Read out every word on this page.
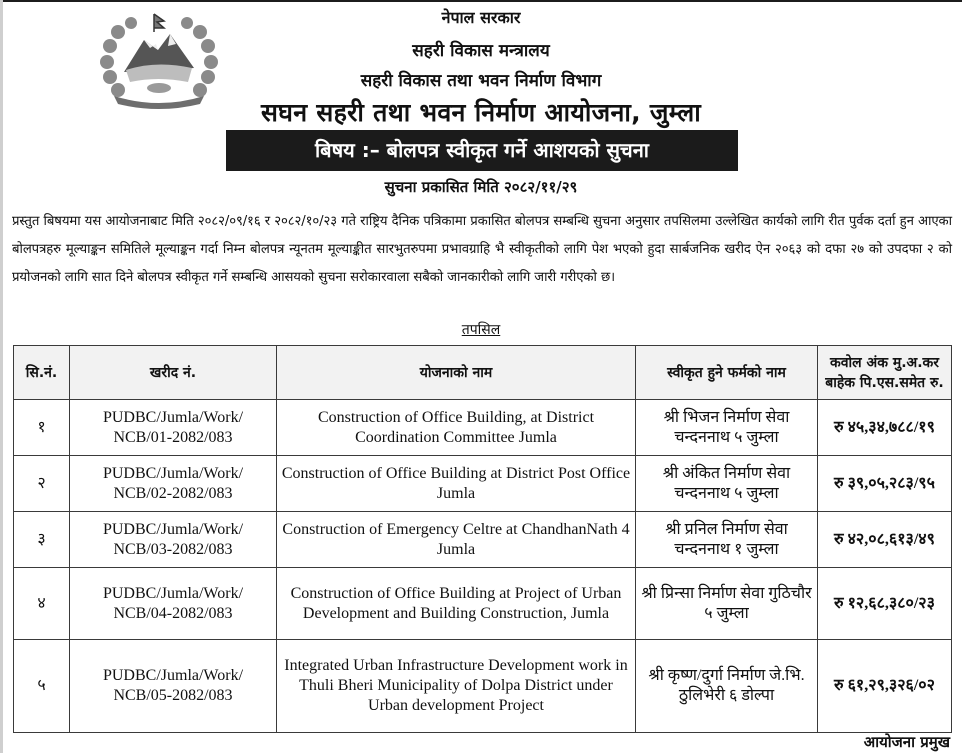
नेपाल सरकार
सहरी विकास मन्त्रालय
सहरी विकास तथा भवन निर्माण विभाग
सघन सहरी तथा भवन निर्माण आयोजना, जुम्ला
बिषय :– बोलपत्र स्वीकृत गर्ने आशयको सुचना
सुचना प्रकासित मिति २०८२/११/२९
प्रस्तुत बिषयमा यस आयोजनाबाट मिति २०८२/०९/१६ र २०८२/१०/२३ गते राष्ट्रिय दैनिक पत्रिकामा प्रकासित बोलपत्र सम्बन्धि सुचना अनुसार तपसिलमा उल्लेखित कार्यको लागि रीत पुर्वक दर्ता हुन आएका बोलपत्रहरु मूल्याङ्कन समितिले मूल्याङ्कन गर्दा निम्न बोलपत्र न्यूनतम मूल्याङ्कीत सारभुतरुपमा प्रभावग्राहि भै स्वीकृतीको लागि पेश भएको हुदा सार्बजनिक खरीद ऐन २०६३ को दफा २७ को उपदफा २ को प्रयोजनको लागि सात दिने बोलपत्र स्वीकृत गर्ने सम्बन्धि आसयको सुचना सरोकारवाला सबैको जानकारीको लागि जारी गरीएको छ।
तपसिल
सि.नं.	खरीद नं.	योजनाको नाम	स्वीकृत हुने फर्मको नाम	कवोल अंक मु.अ.कर बाहेक पि.एस.समेत रु.
१	PUDBC/Jumla/Work/ NCB/01-2082/083	Construction of Office Building, at District Coordination Committee Jumla	श्री भिजन निर्माण सेवा चन्दननाथ ५ जुम्ला	रु ४५,३४,७८८/१९
२	PUDBC/Jumla/Work/ NCB/02-2082/083	Construction of Office Building at District Post Office Jumla	श्री अंकित निर्माण सेवा चन्दननाथ ५ जुम्ला	रु ३९,०५,२८३/९५
३	PUDBC/Jumla/Work/ NCB/03-2082/083	Construction of Emergency Celtre at ChandhanNath 4 Jumla	श्री प्रनिल निर्माण सेवा चन्दननाथ १ जुम्ला	रु ४२,०८,६१३/४९
४	PUDBC/Jumla/Work/ NCB/04-2082/083	Construction of Office Building at Project of Urban Development and Building Construction, Jumla	श्री प्रिन्सा निर्माण सेवा गुठिचौर ५ जुम्ला	रु १२,६८,३८०/२३
५	PUDBC/Jumla/Work/ NCB/05-2082/083	Integrated Urban Infrastructure Development work in Thuli Bheri Municipality of Dolpa District under Urban development Project	श्री कृष्ण/दुर्गा निर्माण जे.भि. ठुलिभेरी ६ डोल्पा	रु ६१,२९,३२६/०२
आयोजना प्रमुख
